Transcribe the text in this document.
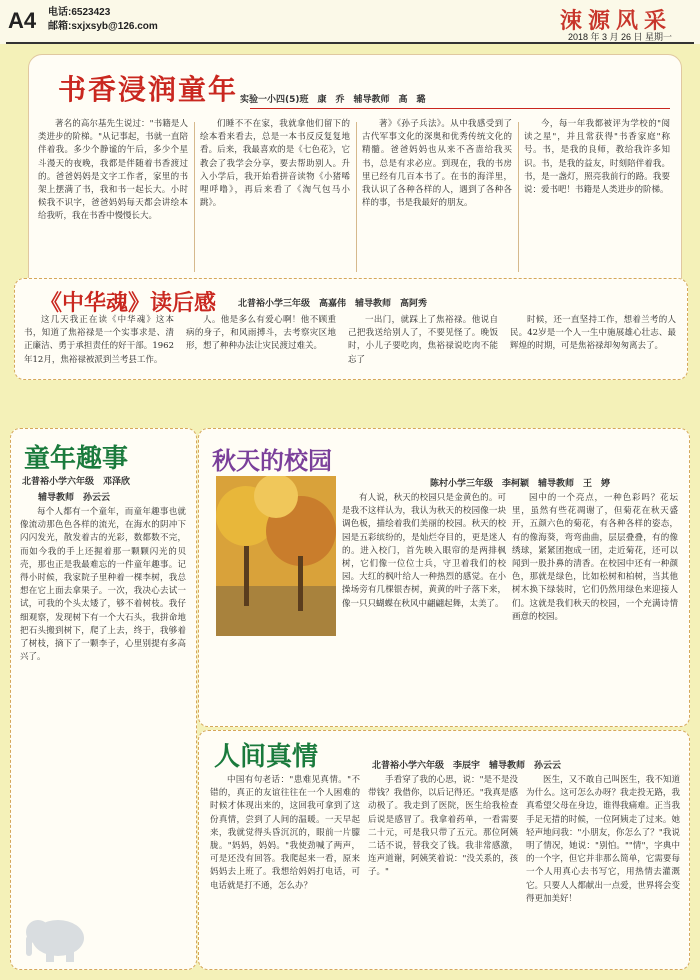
A4 电话:6523423
邮箱:sxjxsyb@126.com	涑源风采
2018 年 3 月 26 日 星期一
书香浸润童年 实验一小四(5)班　康　乔　辅导教师　高　璐

著名的高尔基先生说过："书籍是人类进步的阶梯。"从记事起，书就一直陪伴着我。多少个静谧的午后，多少个星斗漫天的夜晚，我都是伴随着书香渡过的。爸爸妈妈是文字工作者，家里的书架上摆满了书，我和书一起长大。小时候我不识字，爸爸妈妈每天都会讲绘本给我听，我在书香中慢慢长大。

们睡不不在家，我就拿他们留下的绘本看来看去，总是一本书反反复复地看。后来，我最喜欢的是《七色花》，它教会了我学会分享，要去帮助别人。升入小学后，我开始看拼音读物《小猪唏哩呼噜》，再后来看了《淘气包马小跳》。

著》《孙子兵法》。从中我感受到了古代军事文化的深奥和优秀传统文化的精髓。爸爸妈妈也从来不吝啬给我买书，总是有求必应。到现在，我的书房里已经有几百本书了。在书的海洋里，我认识了各种各样的人，遇到了各种各样的事，书是我最好的朋友。

今，每一年我都被评为学校的"阅读之星"，并且常获得"书香家庭"称号。书，是我的良师，教给我许多知识。书，是我的益友，时刻陪伴着我。书，是一盏灯，照亮我前行的路。我要说：爱书吧！书籍是人类进步的阶梯。

《中华魂》读后感 北普裕小学三年级　高嘉伟　辅导教师　高阿秀

这几天我正在读《中华魂》这本书，知道了焦裕禄是一个实事求是、清正廉洁、勇于承担责任的好干部。1962年12月，焦裕禄被派到兰考县工作。

人。他是多么有爱心啊！他不顾重病的身子，和风雨搏斗，去考察灾区地形，想了种种办法让灾民渡过难关。

一出门，就踩上了焦裕禄。他说自己把我送给别人了，不要见怪了。晚饭时，小儿子要吃肉，焦裕禄说吃肉不能忘了

时候，还一直坚持工作，想着兰考的人民。42岁是一个人一生中施展雄心壮志、最辉煌的时期，可是焦裕禄却匆匆离去了。

童年趣事
北普裕小学六年级　邓泽欣
辅导教师　孙云云

每个人都有一个童年，而童年趣事也就像流动那色色各样的流光，在海水的阴冲下闪闪发光，散发着古的光彩，数都数不完，而如今我的手上还握着那一颗颗闪光的贝壳，那也正是我最难忘的一件童年趣事。记得小时候，我家院子里种着一棵李树，我总想在它上面去拿果子。一次，我决心去试一试，可我的个头太矮了，够不着树枝。我仔细观察，发现树下有一个大石头，我拼命地把石头搬到树下，爬了上去，终于，我够着了树枝，摘下了一颗李子，心里别提有多高兴了。

秋天的校园
陈村小学三年级　李柯颖　辅导教师　王　婷

有人说，秋天的校园只是金黄色的。可是我不这样认为，我认为秋天的校园像一块调色板，描绘着我们美丽的校园。秋天的校园是五彩缤纷的，是灿烂夺目的，更是迷人的。进入校门，首先映入眼帘的是两排枫树，它们像一位位士兵，守卫着我们的校园。大红的枫叶给人一种热烈的感觉。在小操场旁有几棵银杏树，黄黄的叶子落下来，像一只只蝴蝶在秋风中翩翩起舞，太美了。

园中的一个亮点，一种色彩吗？花坛里，虽然有些花凋谢了，但菊花在秋天盛开，五颜六色的菊花，有各种各样的姿态，有的像海葵，弯弯曲曲，层层叠叠，有的像绣球，紧紧团抱成一团，走近菊花，还可以闻到一股扑鼻的清香。在校园中还有一种颜色，那就是绿色，比如松树和柏树，当其他树木换下绿装时，它们仍然用绿色来迎接人们。这就是我们秋天的校园，一个充满诗情画意的校园。

人间真情	北普裕小学六年级　李辰宇　辅导教师　孙云云

中国有句老话："患难见真情。"不错的，真正的友谊往往在一个人困难的时候才体现出来的，这回我可拿到了这份真情，尝到了人间的温暖。一天早起来，我就觉得头昏沉沉的，眼前一片朦胧。"妈妈，妈妈。"我使劲喊了两声，可是还没有回答。我爬起来一看，原来妈妈去上班了。我想给妈妈打电话，可电话就是打不通，怎么办？

手看穿了我的心思，说："是不是没带钱？我借你，以后记得还。"我真是感动极了。我走到了医院，医生给我检查后说是感冒了。我拿着药单，一看需要二十元，可是我只带了五元。那位阿姨二话不说，替我交了钱。我非常感激，连声道谢，阿姨笑着说："没关系的，孩子。"

医生，又不敢自己叫医生，我不知道为什么。这可怎么办呀？我走投无路，我真希望父母在身边，谁得我痛难。正当我手足无措的时候，一位阿姨走了过来。她轻声地问我："小朋友，你怎么了？"我说明了情况，她说："别怕。""情"，字典中的一个字，但它并非那么简单，它需要每一个人用真心去书写它，用热情去灌溉它。只要人人都献出一点爱，世界将会变得更加美好！
